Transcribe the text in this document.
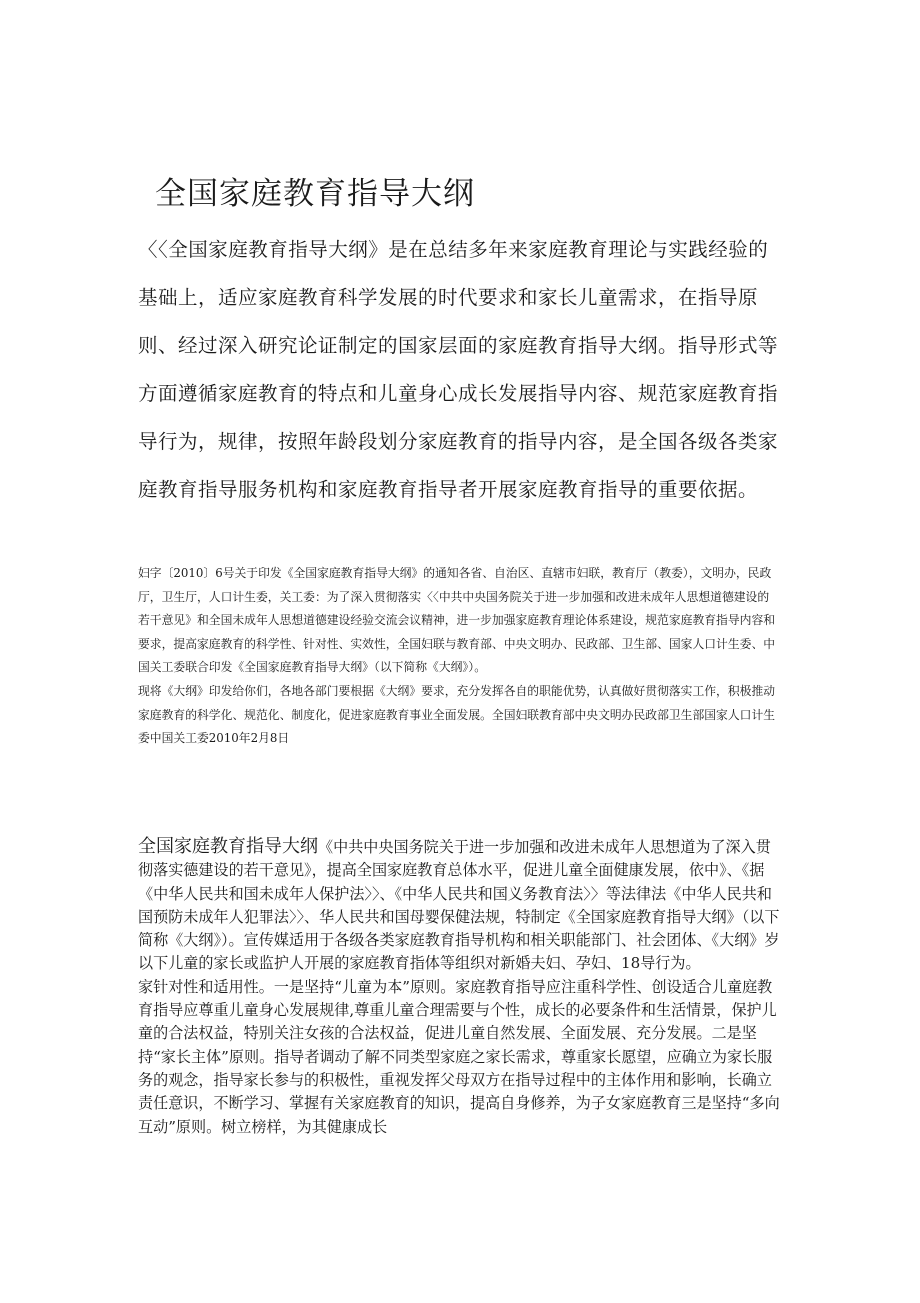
全国家庭教育指导大纲

〈〈全国家庭教育指导大纲》是在总结多年来家庭教育理论与实践经验的基础上，适应家庭教育科学发展的时代要求和家长儿童需求，在指导原则、经过深入研究论证制定的国家层面的家庭教育指导大纲。指导形式等方面遵循家庭教育的特点和儿童身心成长发展指导内容、规范家庭教育指导行为，规律，按照年龄段划分家庭教育的指导内容，是全国各级各类家庭教育指导服务机构和家庭教育指导者开展家庭教育指导的重要依据。

妇字〔2010〕6号关于印发《全国家庭教育指导大纲》的通知各省、自治区、直辖市妇联，教育厅（教委），文明办，民政厅，卫生厅，人口计生委，关工委：为了深入贯彻落实〈〈中共中央国务院关于进一步加强和改进未成年人思想道德建设的若干意见》和全国未成年人思想道德建设经验交流会议精神，进一步加强家庭教育理论体系建设，规范家庭教育指导内容和要求，提高家庭教育的科学性、针对性、实效性，全国妇联与教育部、中央文明办、民政部、卫生部、国家人口计生委、中国关工委联合印发《全国家庭教育指导大纲》（以下简称《大纲》）。

现将《大纲》印发给你们，各地各部门要根据《大纲》要求，充分发挥各自的职能优势，认真做好贯彻落实工作，积极推动家庭教育的科学化、规范化、制度化，促进家庭教育事业全面发展。全国妇联教育部中央文明办民政部卫生部国家人口计生委中国关工委2010年2月8日

全国家庭教育指导大纲《中共中央国务院关于进一步加强和改进未成年人思想道为了深入贯彻落实德建设的若干意见》，提高全国家庭教育总体水平，促进儿童全面健康发展，依中》、《据《中华人民共和国未成年人保护法〉〉、《中华人民共和国义务教育法〉〉等法律法《中华人民共和国预防未成年人犯罪法〉〉、华人民共和国母婴保健法规，特制定《全国家庭教育指导大纲》（以下简称《大纲》）。宣传媒适用于各级各类家庭教育指导机构和相关职能部门、社会团体、《大纲》岁以下儿童的家长或监护人开展的家庭教育指体等组织对新婚夫妇、孕妇、18导行为。

家针对性和适用性。一是坚持“儿童为本”原则。家庭教育指导应注重科学性、创设适合儿童庭教育指导应尊重儿童身心发展规律,尊重儿童合理需要与个性，成长的必要条件和生活情景，保护儿童的合法权益，特别关注女孩的合法权益，促进儿童自然发展、全面发展、充分发展。二是坚持“家长主体”原则。指导者调动了解不同类型家庭之家长需求，尊重家长愿望，应确立为家长服务的观念，指导家长参与的积极性，重视发挥父母双方在指导过程中的主体作用和影响，长确立责任意识，不断学习、掌握有关家庭教育的知识，提高自身修养，为子女家庭教育三是坚持“多向互动”原则。树立榜样，为其健康成长
